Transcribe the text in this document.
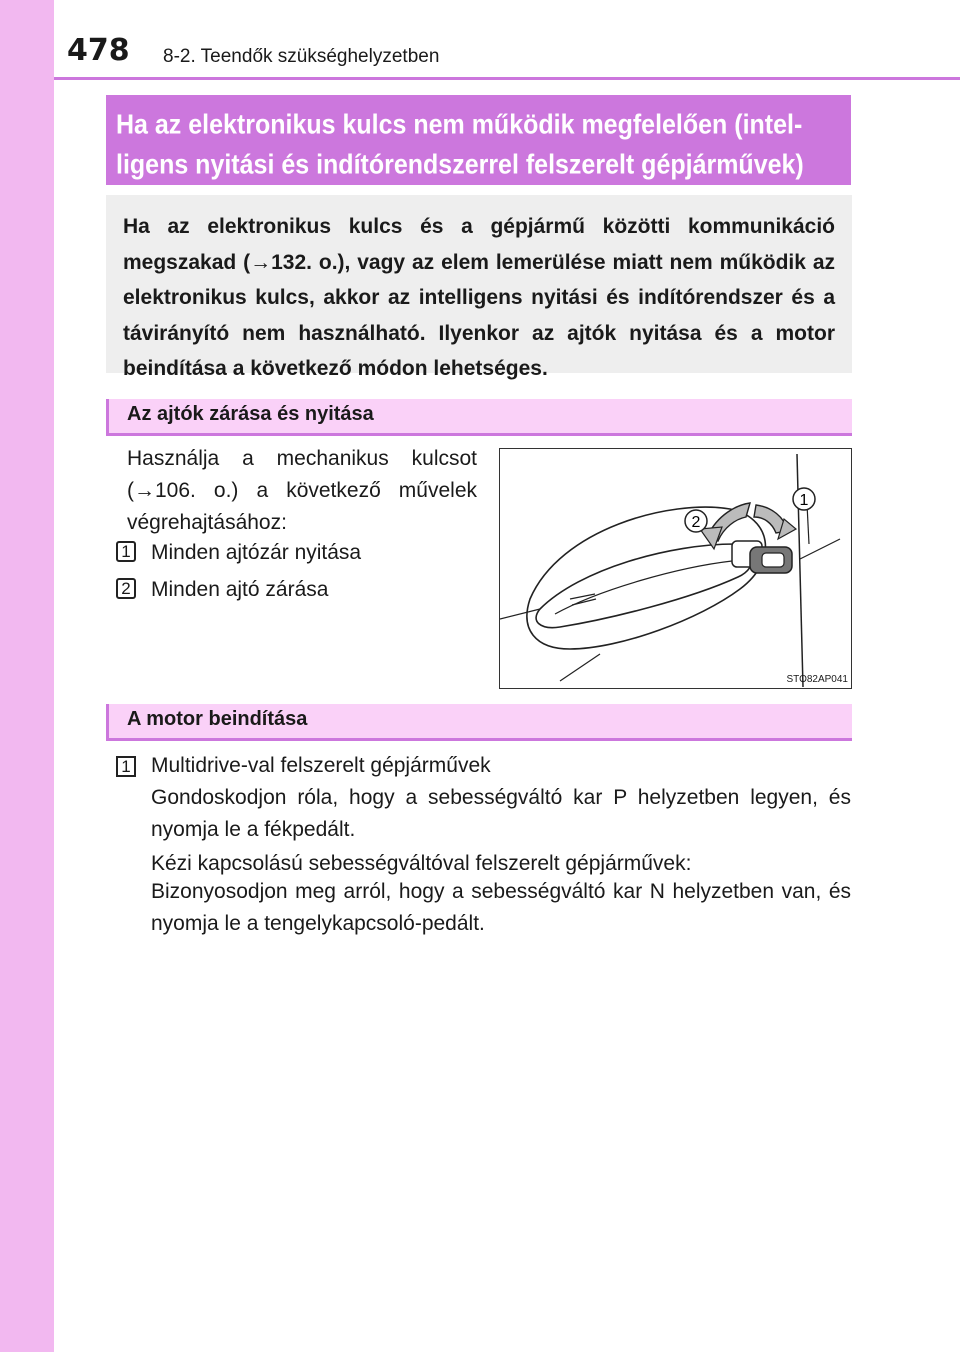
478 8-2. Teendők szükséghelyzetben
Ha az elektronikus kulcs nem működik megfelelően (intel-
ligens nyitási és indítórendszerrel felszerelt gépjárművek)
Ha az elektronikus kulcs és a gépjármű közötti kommunikáció megszakad (→132. o.), vagy az elem lemerülése miatt nem működik az elektronikus kulcs, akkor az intelligens nyitási és indítórendszer és a távirányító nem használható. Ilyenkor az ajtók nyitása és a motor beindítása a következő módon lehetséges.
Az ajtók zárása és nyitása
Használja a mechanikus kulcsot (→106. o.) a következő művelek végrehajtásához:
1 Minden ajtózár nyitása
2 Minden ajtó zárása
2
1
STO82AP041
A motor beindítása
1 Multidrive-val felszerelt gépjárművek
Gondoskodjon róla, hogy a sebességváltó kar P helyzetben legyen, és nyomja le a fékpedált.
Kézi kapcsolású sebességváltóval felszerelt gépjárművek:
Bizonyosodjon meg arról, hogy a sebességváltó kar N helyzetben van, és nyomja le a tengelykapcsoló-pedált.
